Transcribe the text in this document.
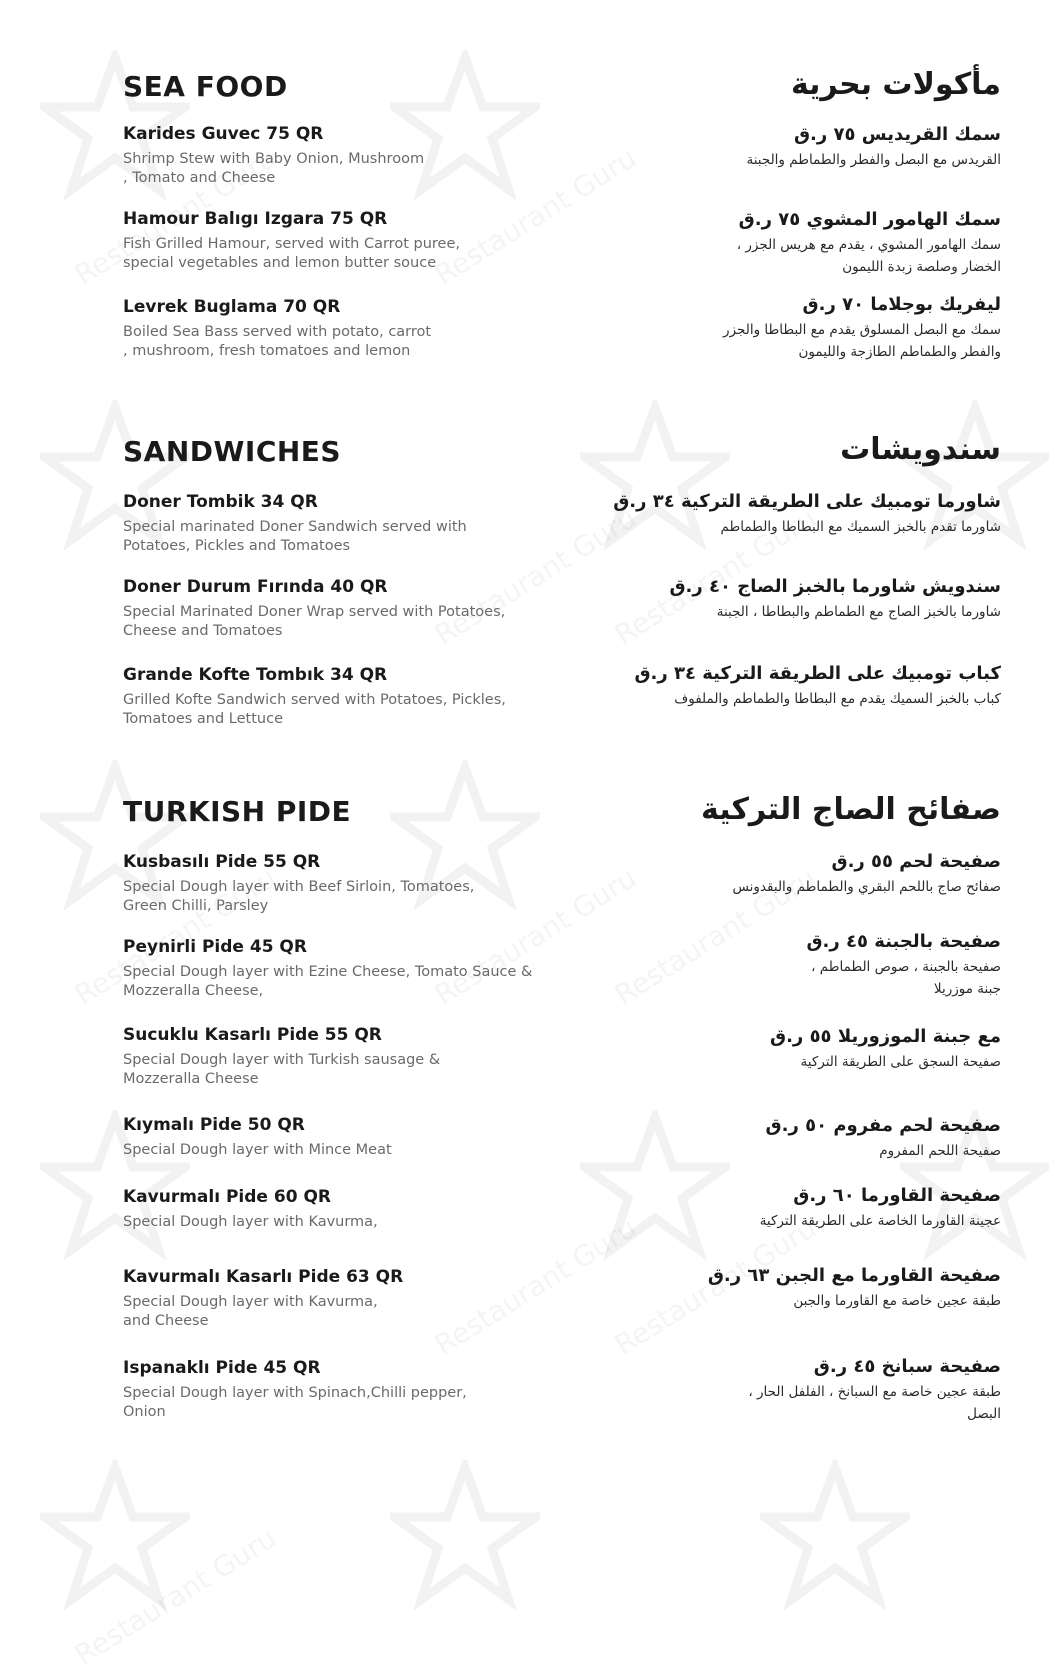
SEA FOOD
Karides Guvec 75 QR
Shrimp Stew with Baby Onion, Mushroom
, Tomato and Cheese
Hamour Balıgı Izgara 75 QR
Fish Grilled Hamour, served with Carrot puree,
special vegetables and lemon butter souce
Levrek Buglama 70 QR
Boiled Sea Bass served with potato, carrot
, mushroom, fresh tomatoes and lemon
مأكولات بحرية
سمك القريديس ٧٥ ر.ق
القريدس مع البصل والفطر والطماطم والجبنة
سمك الهامور المشوي ٧٥ ر.ق
سمك الهامور المشوي ، يقدم مع هريس الجزر ،
الخضار وصلصة زبدة الليمون
ليفريك بوجلاما ٧٠ ر.ق
سمك مع البصل المسلوق يقدم مع البطاطا والجزر
والفطر والطماطم الطازجة والليمون
SANDWICHES
Doner Tombik 34 QR
Special marinated Doner Sandwich served with
Potatoes, Pickles and Tomatoes
Doner Durum Fırında 40 QR
Special Marinated Doner Wrap served with Potatoes,
Cheese and Tomatoes
Grande Kofte Tombık 34 QR
Grilled Kofte Sandwich served with Potatoes, Pickles,
Tomatoes and Lettuce
سندويشات
شاورما تومبيك على الطريقة التركية ٣٤ ر.ق
شاورما تقدم بالخبز السميك مع البطاطا والطماطم
سندويش شاورما بالخبز الصاج ٤٠ ر.ق
شاورما بالخبز الصاج مع الطماطم والبطاطا ، الجبنة
كباب تومبيك على الطريقة التركية ٣٤ ر.ق
كباب بالخبز السميك يقدم مع البطاطا والطماطم والملفوف
TURKISH PIDE
Kusbasılı Pide 55 QR
Special Dough layer with Beef Sirloin, Tomatoes,
Green Chilli, Parsley
Peynirli Pide 45 QR
Special Dough layer with Ezine Cheese, Tomato Sauce &
Mozzeralla Cheese,
Sucuklu Kasarlı Pide 55 QR
Special Dough layer with Turkish sausage &
Mozzeralla Cheese
Kıymalı Pide 50 QR
Special Dough layer with Mince Meat
Kavurmalı Pide 60 QR
Special Dough layer with Kavurma,
Kavurmalı Kasarlı Pide 63 QR
Special Dough layer with Kavurma,
and Cheese
Ispanaklı Pide 45 QR
Special Dough layer with Spinach,Chilli pepper,
Onion
صفائح الصاج التركية
صفيحة لحم ٥٥ ر.ق
صفائح صاج باللحم البقري والطماطم والبقدونس
صفيحة بالجبنة ٤٥ ر.ق
صفيحة بالجبنة ، صوص الطماطم ،
جبنة موزريلا
مع جبنة الموزوريلا ٥٥ ر.ق
صفيحة السجق على الطريقة التركية
صفيحة لحم مفروم ٥٠ ر.ق
صفيحة اللحم المفروم
صفيحة القاورما ٦٠ ر.ق
عجينة القاورما الخاصة على الطريقة التركية
صفيحة القاورما مع الجبن ٦٣ ر.ق
طبقة عجين خاصة مع القاورما والجبن
صفيحة سبانخ ٤٥ ر.ق
طبقة عجين خاصة مع السبانخ ، الفلفل الحار ،
البصل
